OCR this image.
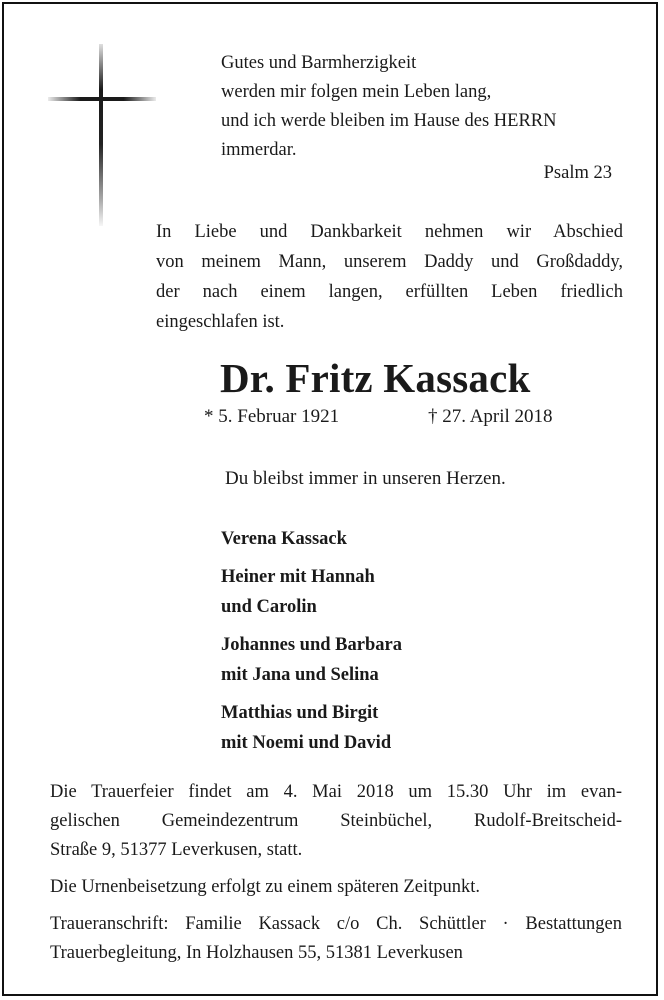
Gutes und Barmherzigkeit
werden mir folgen mein Leben lang,
und ich werde bleiben im Hause des HERRN
immerdar.
Psalm 23
In Liebe und Dankbarkeit nehmen wir Abschied
von meinem Mann, unserem Daddy und Großdaddy,
der nach einem langen, erfüllten Leben friedlich
eingeschlafen ist.
Dr. Fritz Kassack
* 5. Februar 1921	† 27. April 2018
Du bleibst immer in unseren Herzen.
Verena Kassack
Heiner mit Hannah
und Carolin
Johannes und Barbara
mit Jana und Selina
Matthias und Birgit
mit Noemi und David
Die Trauerfeier findet am 4. Mai 2018 um 15.30 Uhr im evan-
gelischen Gemeindezentrum Steinbüchel, Rudolf-Breitscheid-
Straße 9, 51377 Leverkusen, statt.
Die Urnenbeisetzung erfolgt zu einem späteren Zeitpunkt.
Traueranschrift: Familie Kassack c/o Ch. Schüttler · Bestattungen
Trauerbegleitung, In Holzhausen 55, 51381 Leverkusen
